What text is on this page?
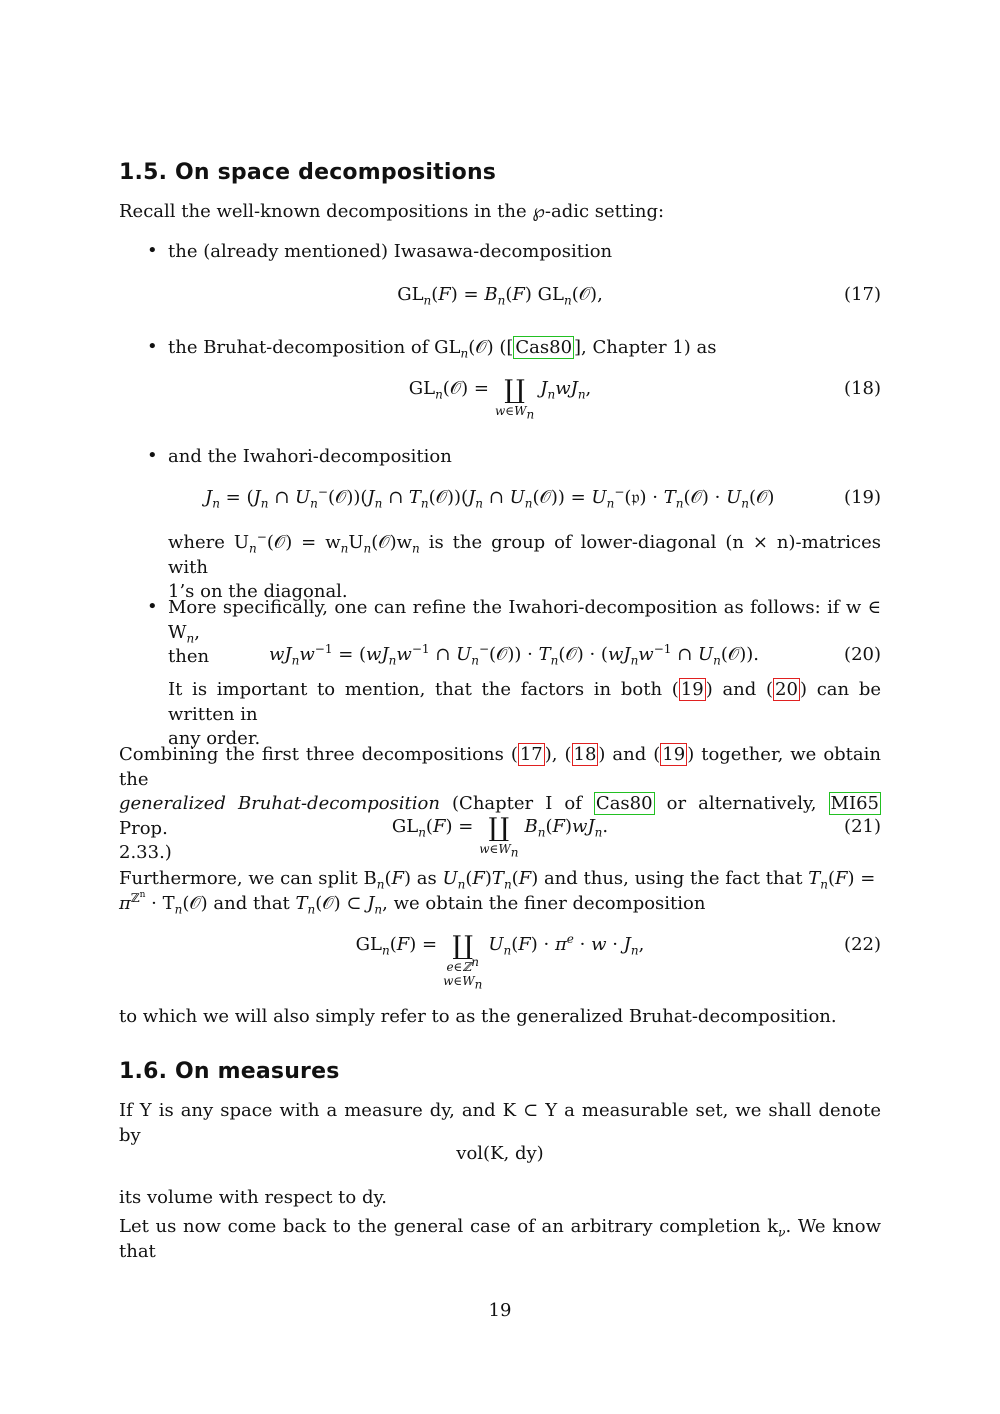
1.5. On space decompositions
Recall the well-known decompositions in the ℘-adic setting:
• the (already mentioned) Iwasawa-decomposition
$GL_n(F) = B_n(F)$ $GL_n(𝒪)$,	(17)
• the Bruhat-decomposition of $GL_n(𝒪)$ ([ Cas80 ], Chapter 1) as
$GL_n(𝒪)$ = ∐
$w\in W_n$
$J_nwJ_n$,	(18)
• and the Iwahori-decomposition
$J_n = (J_n$ ∩ $U_n^-(𝒪))(J_n$ ∩ $T_n(𝒪))(J_n$ ∩ $U_n(𝒪)$) = $U_n^-(𝔭)$ · $T_n(𝒪)$ · $U_n(𝒪)$	(19)
where $U_n^-(𝒪)$ = $w_nU_n(𝒪)w_n$ is the group of lower-diagonal (n × n)-matrices with
1’s on the diagonal.
• More specifically, one can refine the Iwahori-decomposition as follows: if w ∈ $W_n$,
then	$wJ_nw^{-1} = (wJ_nw^{-1}$ ∩ $U_n^-(𝒪)$) · $T_n(𝒪) \cdot (wJ_nw^{-1}$ ∩ $U_n(𝒪)$).	(20)
It is important to mention, that the factors in both ( 19 ) and ( 20 ) can be written in
any order.
Combining the first three decompositions ( 17 ), ( 18 ) and ( 19 ) together, we obtain the
generalized Bruhat-decomposition (Chapter I of Cas80 or alternatively, MI65 Prop.
2.33.)
$GL_n(F)$ = ∐
$w\in W_n$
$B_n(F)wJ_n$.	(21)
Furthermore, we can split $B_n(F)$ as $U_n(F)T_n(F)$ and thus, using the fact that $T_n(F)$ =
$\pi^{ℤ^n}$ · $T_n(𝒪)$ and that $T_n(𝒪)$ ⊂ $J_n$, we obtain the finer decomposition
$GL_n(F)$ = ∐
e∈ℤ$^n$
$w\in W_n$
$U_n(F) \cdot \pi^e \cdot w \cdot J_n$,	(22)
to which we will also simply refer to as the generalized Bruhat-decomposition.
1.6. On measures
If Y is any space with a measure dy, and K ⊂ Y a measurable set, we shall denote by
vol(K, dy)
its volume with respect to dy.
Let us now come back to the general case of an arbitrary completion $k_\nu$. We know that
19
